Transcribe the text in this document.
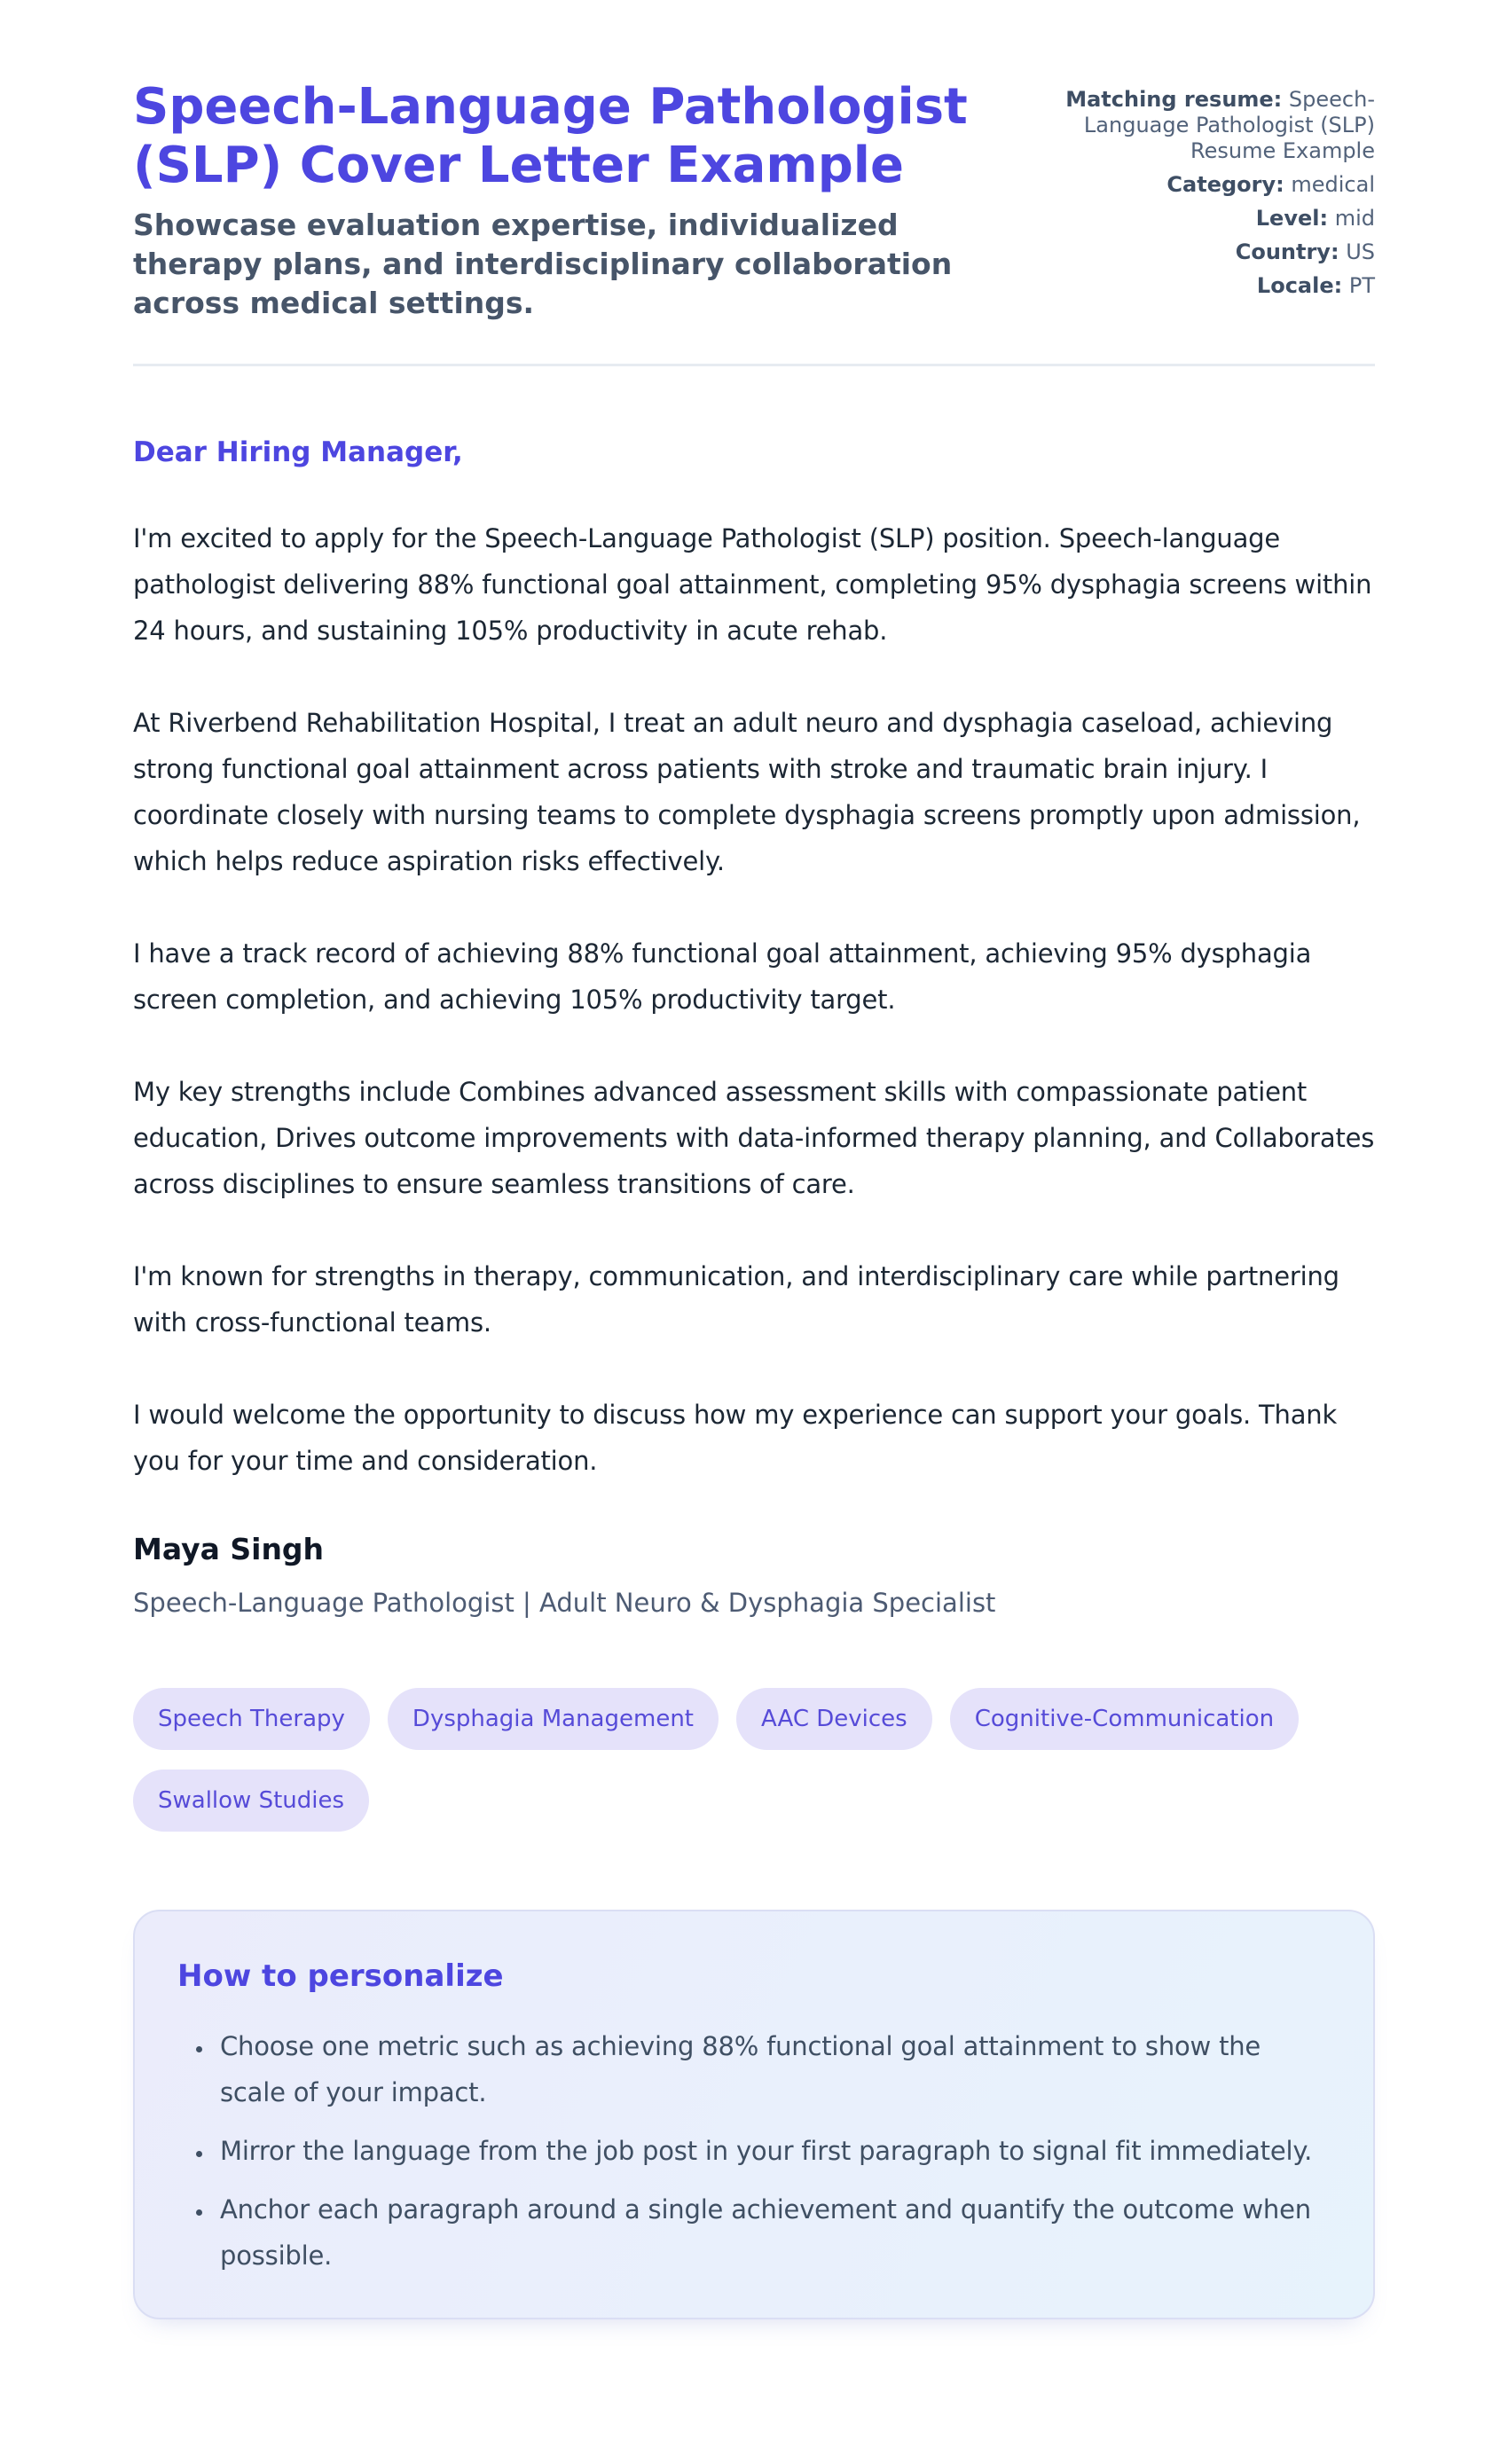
Speech-Language Pathologist (SLP) Cover Letter Example

Showcase evaluation expertise, individualized therapy plans, and interdisciplinary collaboration across medical settings.

Matching resume: Speech-Language Pathologist (SLP) Resume Example
Category: medical
Level: mid
Country: US
Locale: PT

Dear Hiring Manager,

I'm excited to apply for the Speech-Language Pathologist (SLP) position. Speech-language pathologist delivering 88% functional goal attainment, completing 95% dysphagia screens within 24 hours, and sustaining 105% productivity in acute rehab.

At Riverbend Rehabilitation Hospital, I treat an adult neuro and dysphagia caseload, achieving strong functional goal attainment across patients with stroke and traumatic brain injury. I coordinate closely with nursing teams to complete dysphagia screens promptly upon admission, which helps reduce aspiration risks effectively.

I have a track record of achieving 88% functional goal attainment, achieving 95% dysphagia screen completion, and achieving 105% productivity target.

My key strengths include Combines advanced assessment skills with compassionate patient education, Drives outcome improvements with data-informed therapy planning, and Collaborates across disciplines to ensure seamless transitions of care.

I'm known for strengths in therapy, communication, and interdisciplinary care while partnering with cross-functional teams.

I would welcome the opportunity to discuss how my experience can support your goals. Thank you for your time and consideration.

Maya Singh

Speech-Language Pathologist | Adult Neuro & Dysphagia Specialist

Speech Therapy	Dysphagia Management	AAC Devices	Cognitive-Communication
Swallow Studies
How to personalize
• Choose one metric such as achieving 88% functional goal attainment to show the scale of your impact.
• Mirror the language from the job post in your first paragraph to signal fit immediately.
• Anchor each paragraph around a single achievement and quantify the outcome when possible.
